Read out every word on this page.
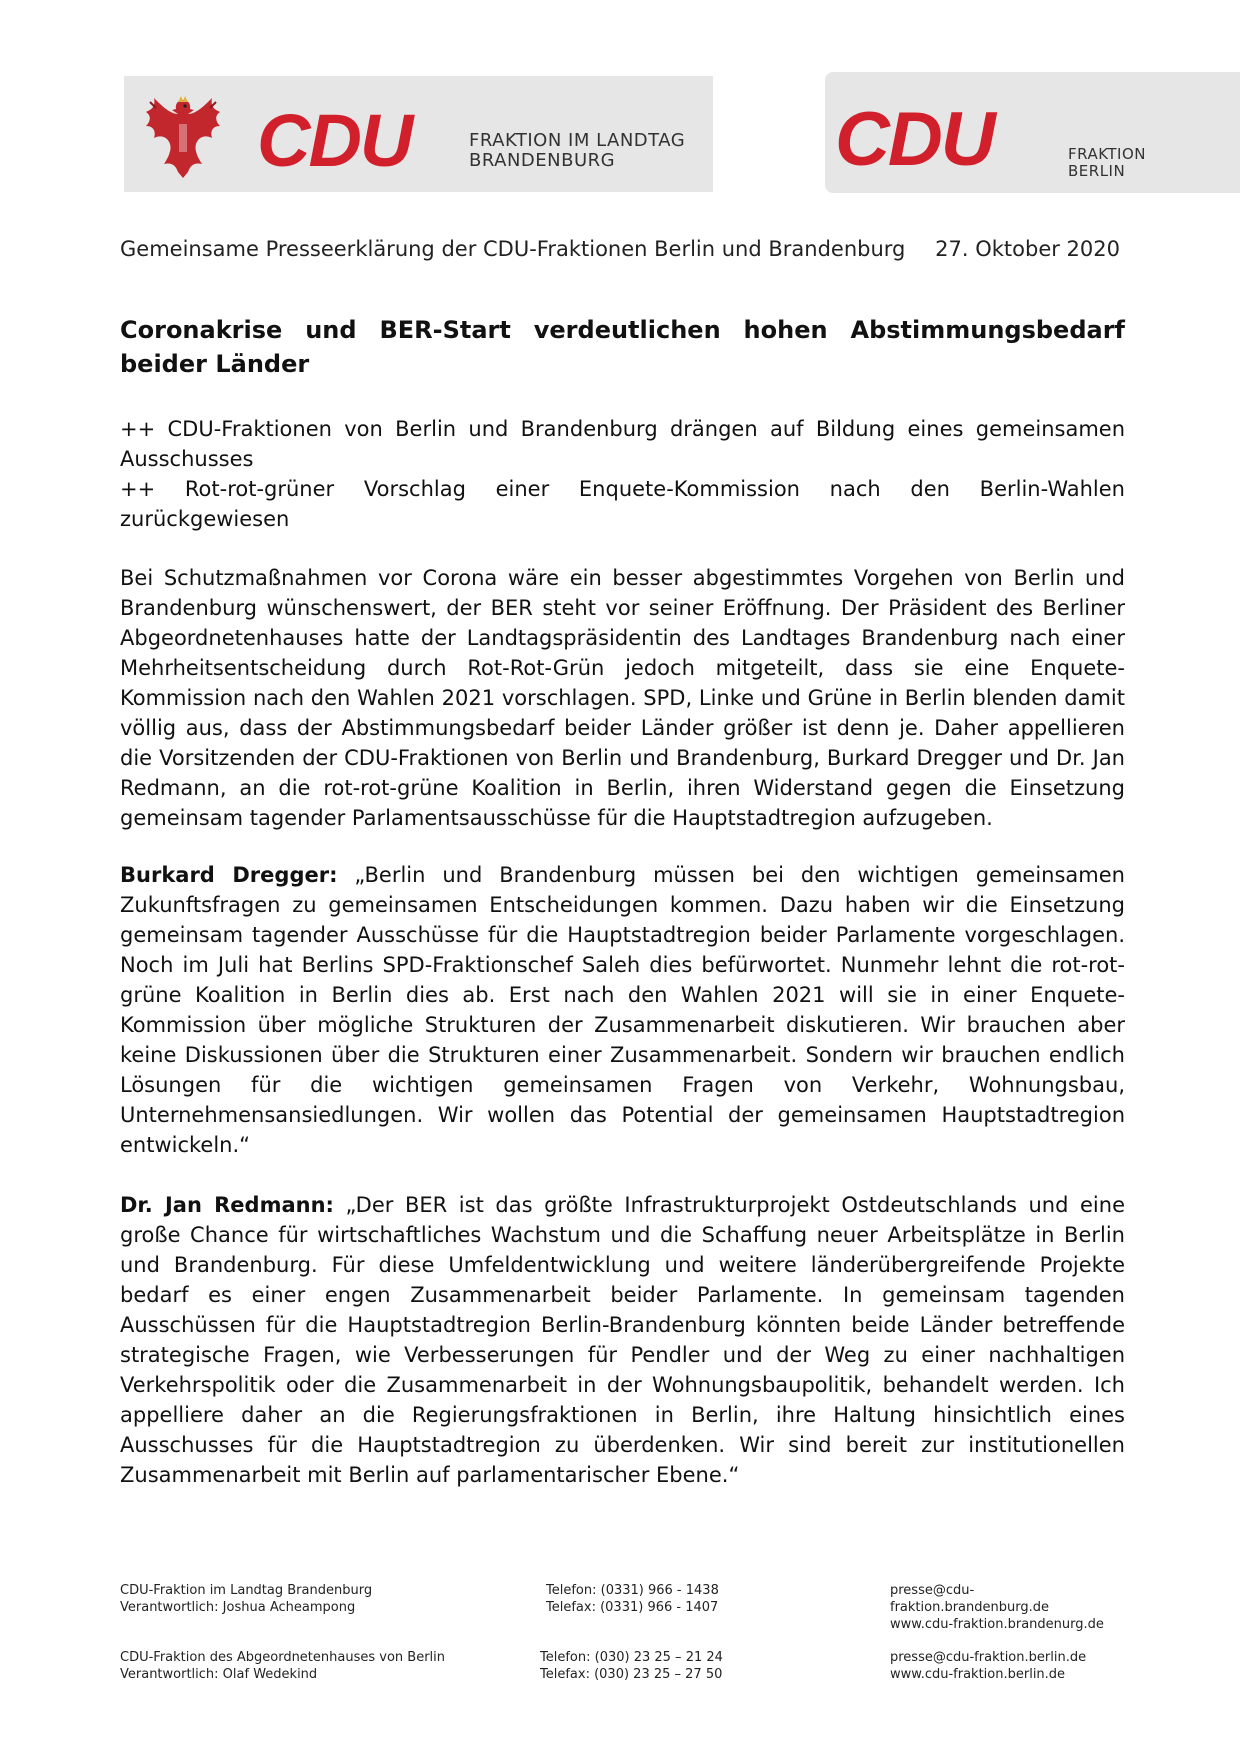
CDU	FRAKTION IM LANDTAG
BRANDENBURG	CDU	FRAKTION
BERLIN
Gemeinsame Presseerklärung der CDU-Fraktionen Berlin und Brandenburg 27. Oktober 2020
Coronakrise und BER-Start verdeutlichen hohen Abstimmungsbedarf beider Länder

++ CDU-Fraktionen von Berlin und Brandenburg drängen auf Bildung eines gemeinsamen Ausschusses

++ Rot-rot-grüner Vorschlag einer Enquete-Kommission nach den Berlin-Wahlen zurückgewiesen

Bei Schutzmaßnahmen vor Corona wäre ein besser abgestimmtes Vorgehen von Berlin und Brandenburg wünschenswert, der BER steht vor seiner Eröffnung. Der Präsident des Berliner Abgeordnetenhauses hatte der Landtagspräsidentin des Landtages Brandenburg nach einer Mehrheitsentscheidung durch Rot-Rot-Grün jedoch mitgeteilt, dass sie eine Enquete-Kommission nach den Wahlen 2021 vorschlagen. SPD, Linke und Grüne in Berlin blenden damit völlig aus, dass der Abstimmungsbedarf beider Länder größer ist denn je. Daher appellieren die Vorsitzenden der CDU-Fraktionen von Berlin und Brandenburg, Burkard Dregger und Dr. Jan Redmann, an die rot-rot-grüne Koalition in Berlin, ihren Widerstand gegen die Einsetzung gemeinsam tagender Parlamentsausschüsse für die Hauptstadtregion aufzugeben.

Burkard Dregger: „Berlin und Brandenburg müssen bei den wichtigen gemeinsamen Zukunftsfragen zu gemeinsamen Entscheidungen kommen. Dazu haben wir die Einsetzung gemeinsam tagender Ausschüsse für die Hauptstadtregion beider Parlamente vorgeschlagen. Noch im Juli hat Berlins SPD-Fraktionschef Saleh dies befürwortet. Nunmehr lehnt die rot-rot-grüne Koalition in Berlin dies ab. Erst nach den Wahlen 2021 will sie in einer Enquete-Kommission über mögliche Strukturen der Zusammenarbeit diskutieren. Wir brauchen aber keine Diskussionen über die Strukturen einer Zusammenarbeit. Sondern wir brauchen endlich Lösungen für die wichtigen gemeinsamen Fragen von Verkehr, Wohnungsbau, Unternehmensansiedlungen. Wir wollen das Potential der gemeinsamen Hauptstadtregion entwickeln.“

Dr. Jan Redmann: „Der BER ist das größte Infrastrukturprojekt Ostdeutschlands und eine große Chance für wirtschaftliches Wachstum und die Schaffung neuer Arbeitsplätze in Berlin und Brandenburg. Für diese Umfeldentwicklung und weitere länderübergreifende Projekte bedarf es einer engen Zusammenarbeit beider Parlamente. In gemeinsam tagenden Ausschüssen für die Hauptstadtregion Berlin-Brandenburg könnten beide Länder betreffende strategische Fragen, wie Verbesserungen für Pendler und der Weg zu einer nachhaltigen Verkehrspolitik oder die Zusammenarbeit in der Wohnungsbaupolitik, behandelt werden. Ich appelliere daher an die Regierungsfraktionen in Berlin, ihre Haltung hinsichtlich eines Ausschusses für die Hauptstadtregion zu überdenken. Wir sind bereit zur institutionellen Zusammenarbeit mit Berlin auf parlamentarischer Ebene.“

CDU-Fraktion im Landtag Brandenburg
Verantwortlich: Joshua Acheampong
Telefon: (0331) 966 - 1438
Telefax: (0331) 966 - 1407
presse@cdu-fraktion.brandenburg.de
www.cdu-fraktion.brandenurg.de
CDU-Fraktion des Abgeordnetenhauses von Berlin
Verantwortlich: Olaf Wedekind
Telefon: (030) 23 25 – 21 24
Telefax: (030) 23 25 – 27 50
presse@cdu-fraktion.berlin.de
www.cdu-fraktion.berlin.de
